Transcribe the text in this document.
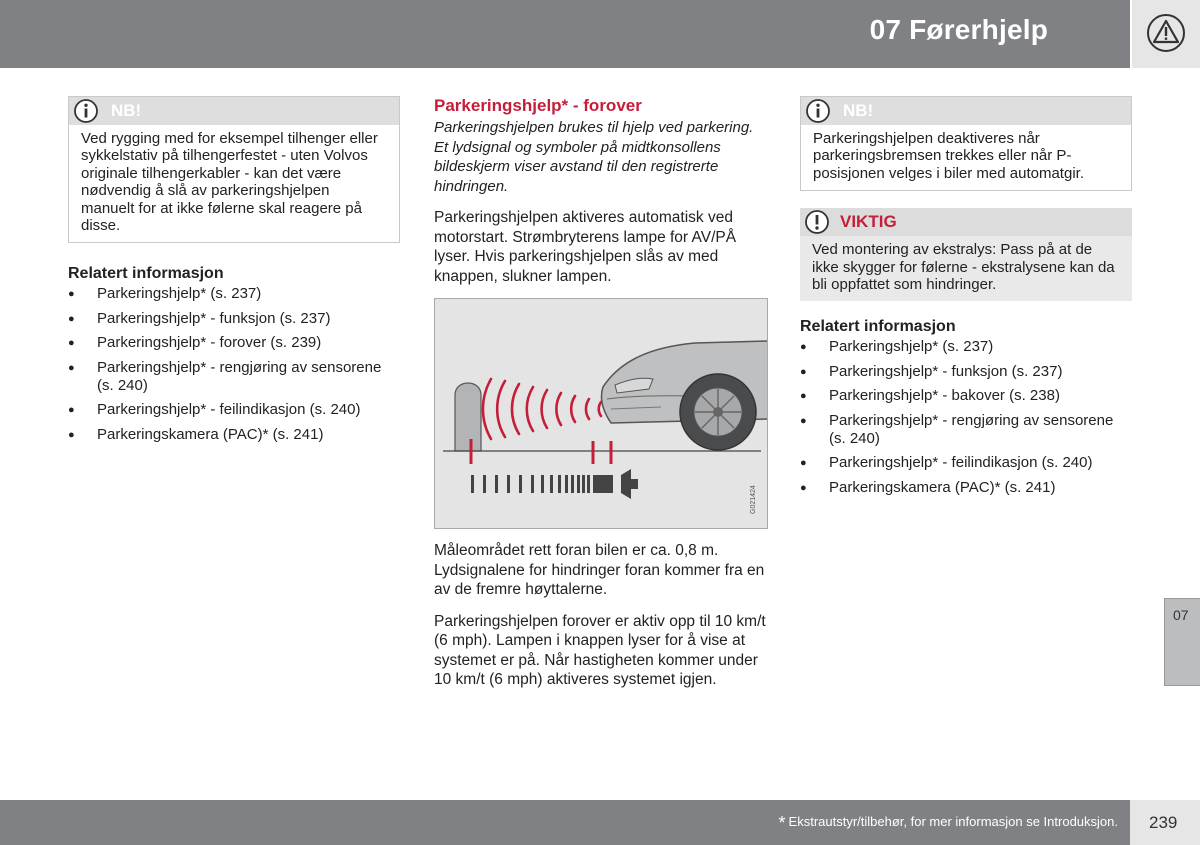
07 Førerhjelp
NB!
Ved rygging med for eksempel tilhenger eller sykkelstativ på tilhengerfestet - uten Volvos originale tilhengerkabler - kan det være nødvendig å slå av parkeringshjelpen manuelt for at ikke følerne skal reagere på disse.
Relatert informasjon
● Parkeringshjelp* (s. 237)
● Parkeringshjelp* - funksjon (s. 237)
● Parkeringshjelp* - forover (s. 239)
● Parkeringshjelp* - rengjøring av sensorene (s. 240)
● Parkeringshjelp* - feilindikasjon (s. 240)
● Parkeringskamera (PAC)* (s. 241)
Parkeringshjelp* - forover
Parkeringshjelpen brukes til hjelp ved parkering. Et lydsignal og symboler på midtkonsollens bildeskjerm viser avstand til den registrerte hindringen.
Parkeringshjelpen aktiveres automatisk ved motorstart. Strømbryterens lampe for AV/PÅ lyser. Hvis parkeringshjelpen slås av med knappen, slukner lampen.
G021424
Måleområdet rett foran bilen er ca. 0,8 m. Lydsignalene for hindringer foran kommer fra en av de fremre høyttalerne.
Parkeringshjelpen forover er aktiv opp til 10 km/t (6 mph). Lampen i knappen lyser for å vise at systemet er på. Når hastigheten kommer under 10 km/t (6 mph) aktiveres systemet igjen.
NB!
Parkeringshjelpen deaktiveres når parkeringsbremsen trekkes eller når P-posisjonen velges i biler med automatgir.
VIKTIG
Ved montering av ekstralys: Pass på at de ikke skygger for følerne - ekstralysene kan da bli oppfattet som hindringer.
Relatert informasjon
● Parkeringshjelp* (s. 237)
● Parkeringshjelp* - funksjon (s. 237)
● Parkeringshjelp* - bakover (s. 238)
● Parkeringshjelp* - rengjøring av sensorene (s. 240)
● Parkeringshjelp* - feilindikasjon (s. 240)
● Parkeringskamera (PAC)* (s. 241)
07
* Ekstrautstyr/tilbehør, for mer informasjon se Introduksjon. 239
